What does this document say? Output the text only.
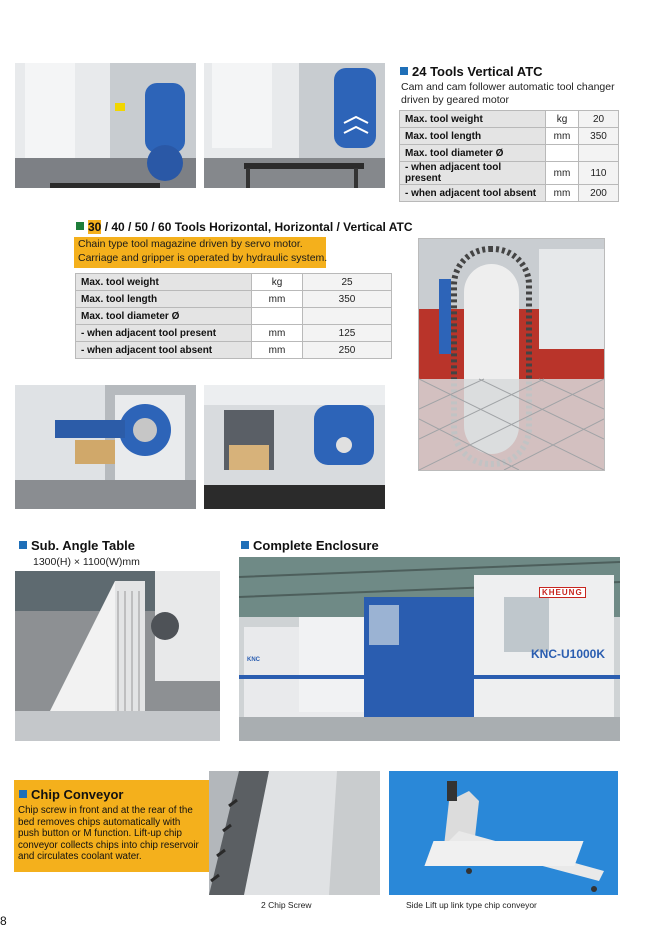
24 Tools Vertical ATC
Cam and cam follower automatic tool changer driven by geared motor
Max. tool weight	kg	20
Max. tool length	mm	350
Max. tool diameter Ø		
- when adjacent tool present	mm	110
- when adjacent tool absent	mm	200
30 / 40 / 50 / 60 Tools Horizontal, Horizontal / Vertical ATC
Chain type tool magazine driven by servo motor.
Carriage and gripper is operated by hydraulic system.
Max. tool weight	kg	25
Max. tool length	mm	350
Max. tool diameter Ø		
- when adjacent tool present	mm	125
- when adjacent tool absent	mm	250
Sub. Angle Table
1300(H) × 1100(W)mm
Complete Enclosure
KHEUNG
KNC-U1000K
KNC
Chip Conveyor
Chip screw in front and at the rear of the bed removes chips automatically with push button or M function. Lift-up chip conveyor collects chips into chip reservoir and circulates coolant water.
2 Chip Screw	Side Lift up link type chip conveyor
8
